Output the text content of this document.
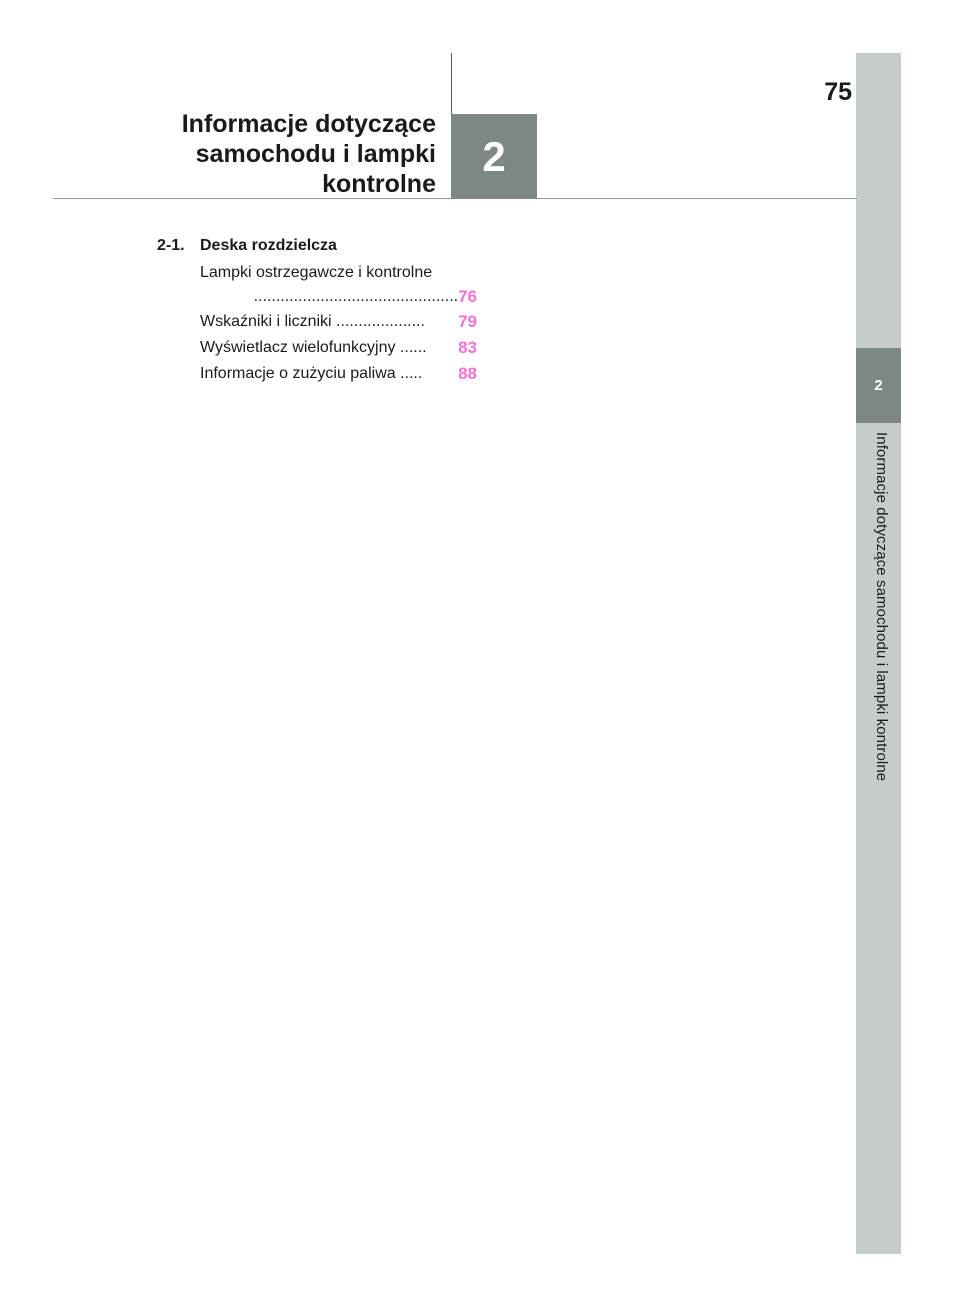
2
Informacje dotyczące samochodu i lampki kontrolne
75
Informacje dotyczące
samochodu i lampki
kontrolne
2
2-1. Deska rozdzielcza
Lampki ostrzegawcze i kontrolne
.............................................. 76
Wskaźniki i liczniki ....................	79
Wyświetlacz wielofunkcyjny ......	83
Informacje o zużyciu paliwa .....	88
